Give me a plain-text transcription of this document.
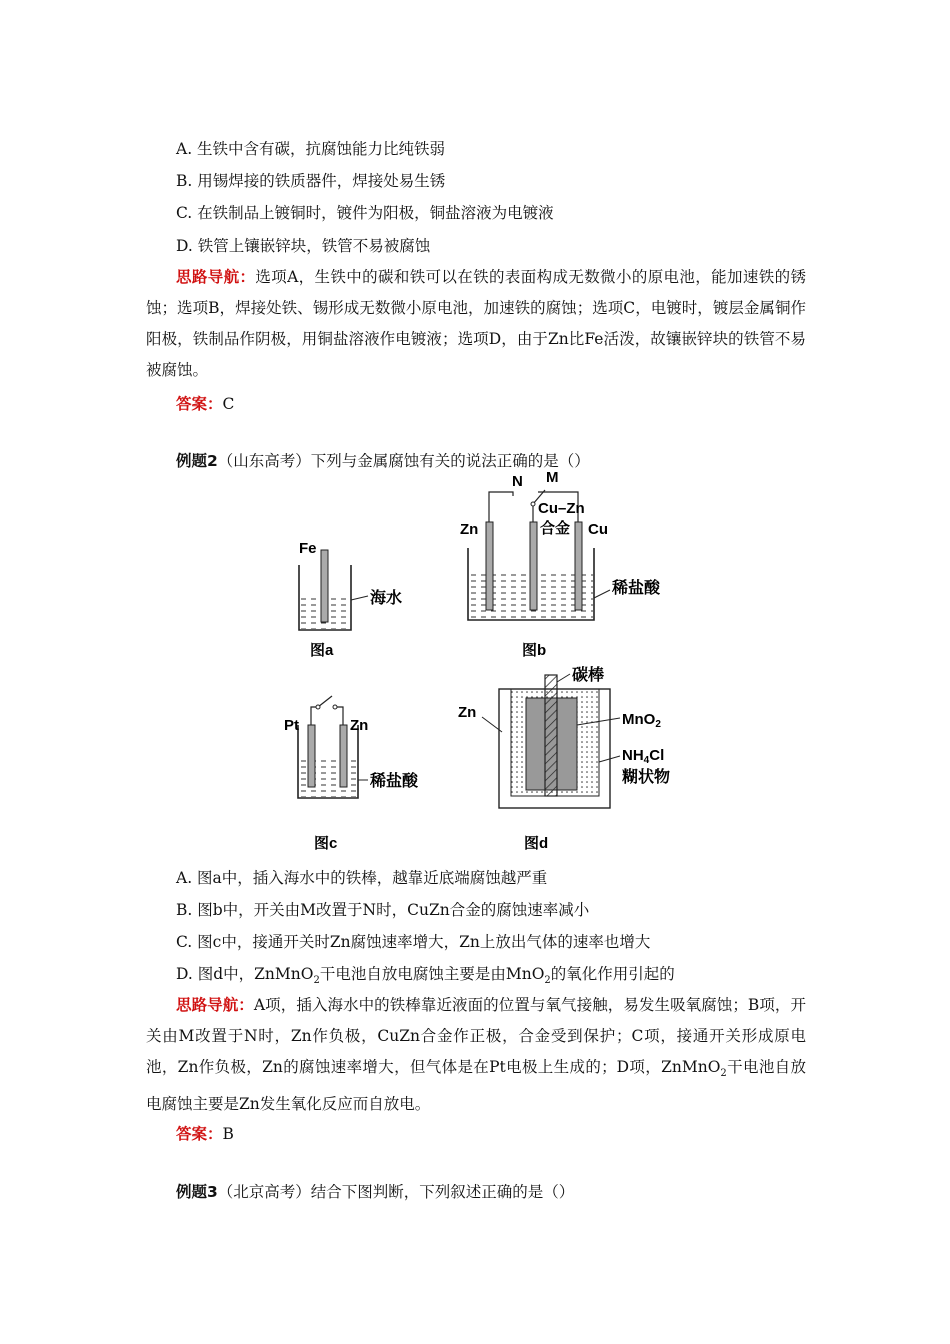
A. 生铁中含有碳，抗腐蚀能力比纯铁弱
B. 用锡焊接的铁质器件，焊接处易生锈
C. 在铁制品上镀铜时，镀件为阳极，铜盐溶液为电镀液
D. 铁管上镶嵌锌块，铁管不易被腐蚀
思路导航：选项A，生铁中的碳和铁可以在铁的表面构成无数微小的原电池，能加速铁的锈蚀；选项B，焊接处铁、锡形成无数微小原电池，加速铁的腐蚀；选项C，电镀时，镀层金属铜作阳极，铁制品作阴极，用铜盐溶液作电镀液；选项D，由于Zn比Fe活泼，故镶嵌锌块的铁管不易被腐蚀。
答案：C
例题2（山东高考）下列与金属腐蚀有关的说法正确的是（）
Fe
海水
图a
N M
Cu–Zn
合金
Zn	Cu
稀盐酸
图b
Pt	Zn
稀盐酸
图c
碳棒
Zn	MnO$_2$
$NH_4Cl$
糊状物
图d
A. 图a中，插入海水中的铁棒，越靠近底端腐蚀越严重
B. 图b中，开关由M改置于N时，CuZn合金的腐蚀速率减小
C. 图c中，接通开关时Zn腐蚀速率增大，Zn上放出气体的速率也增大
D. 图d中，ZnMnO$_2$干电池自放电腐蚀主要是由MnO$_2$的氧化作用引起的
思路导航：A项，插入海水中的铁棒靠近液面的位置与氧气接触，易发生吸氧腐蚀；B项，开关由M改置于N时，Zn作负极，CuZn合金作正极，合金受到保护；C项，接通开关形成原电池，Zn作负极，Zn的腐蚀速率增大，但气体是在Pt电极上生成的；D项，ZnMnO$_2$干电池自放电腐蚀主要是Zn发生氧化反应而自放电。
答案：B
例题3（北京高考）结合下图判断，下列叙述正确的是（）
